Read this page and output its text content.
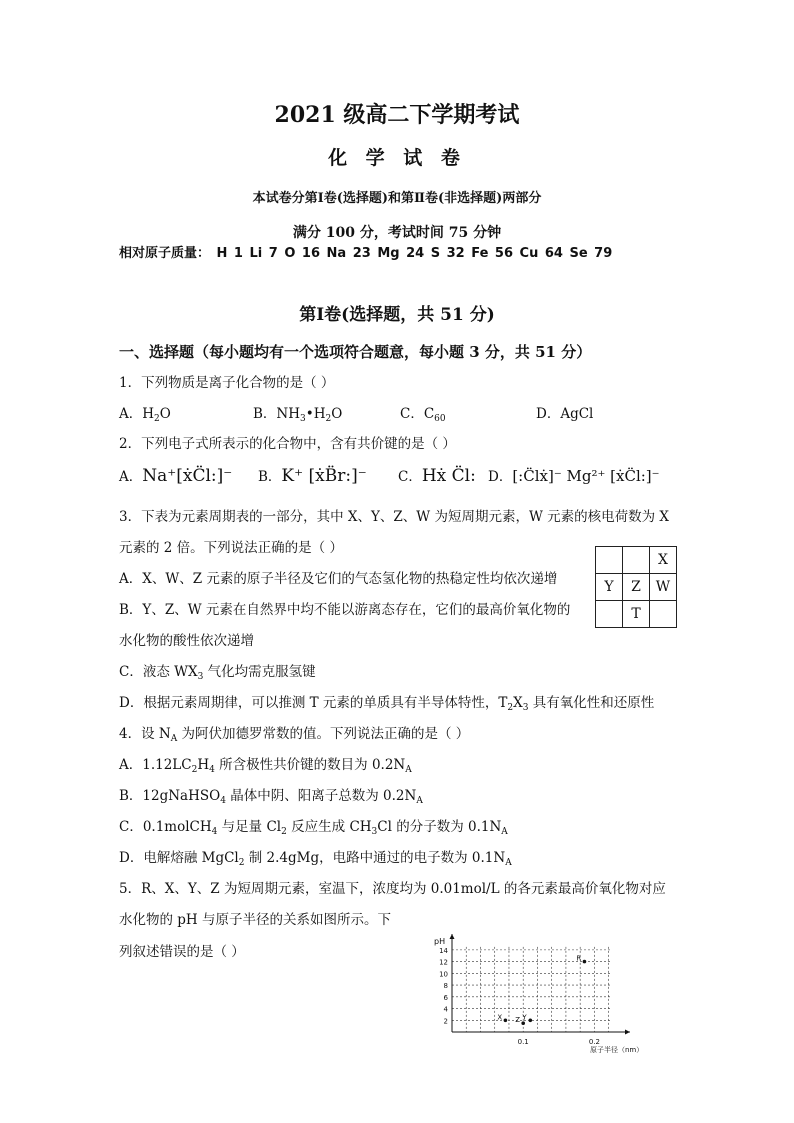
2021 级高二下学期考试
化 学 试 卷
本试卷分第Ⅰ卷(选择题)和第Ⅱ卷(非选择题)两部分
满分 100 分，考试时间 75 分钟
相对原子质量： H 1 Li 7 O 16 Na 23 Mg 24 S 32 Fe 56 Cu 64 Se 79
第Ⅰ卷(选择题，共 51 分)
一、选择题（每小题均有一个选项符合题意，每小题 3 分，共 51 分）
1．下列物质是离子化合物的是（ ）
A．$H_2O$	B．$NH_3•H_2O$	C．$C_{60}$	D．AgCl
2．下列电子式所表示的化合物中，含有共价键的是（ ）
A．Na⁺[ẋC̈l:]⁻ B．K⁺ [ẋB̈r:]⁻ C．Hẋ C̈l: D．[:C̈lẋ]⁻ Mg²⁺ [ẋC̈l:]⁻
3．下表为元素周期表的一部分，其中 X、Y、Z、W 为短周期元素，W 元素的核电荷数为 X
元素的 2 倍。下列说法正确的是（ ）
A．X、W、Z 元素的原子半径及它们的气态氢化物的热稳定性均依次递增
B．Y、Z、W 元素在自然界中均不能以游离态存在，它们的最高价氧化物的
水化物的酸性依次递增
C．液态 $WX_3$ 气化均需克服氢键
D．根据元素周期律，可以推测 T 元素的单质具有半导体特性，$T_2X_3$ 具有氧化性和还原性
		X
Y	Z	W
	T	
4．设 $N_A$ 为阿伏加德罗常数的值。下列说法正确的是（ ）
A．$1.12LC_2H_4$ 所含极性共价键的数目为 $0.2N_A$
B．12gNaHSO$_4$ 晶体中阴、阳离子总数为 $0.2N_A$
C．0.1molCH$_4$ 与足量 $Cl_2$ 反应生成 $CH_3Cl$ 的分子数为 $0.1N_A$
D．电解熔融 MgCl$_2$ 制 2.4gMg，电路中通过的电子数为 $0.1N_A$
5．R、X、Y、Z 为短周期元素，室温下，浓度均为 0.01mol/L 的各元素最高价氧化物对应
水化物的 pH 与原子半径的关系如图所示。下
列叙述错误的是（ ）
2
4
6
8
10
12
14
0.1	0.2
X	Y
Z
R
pH
原子半径（nm）
